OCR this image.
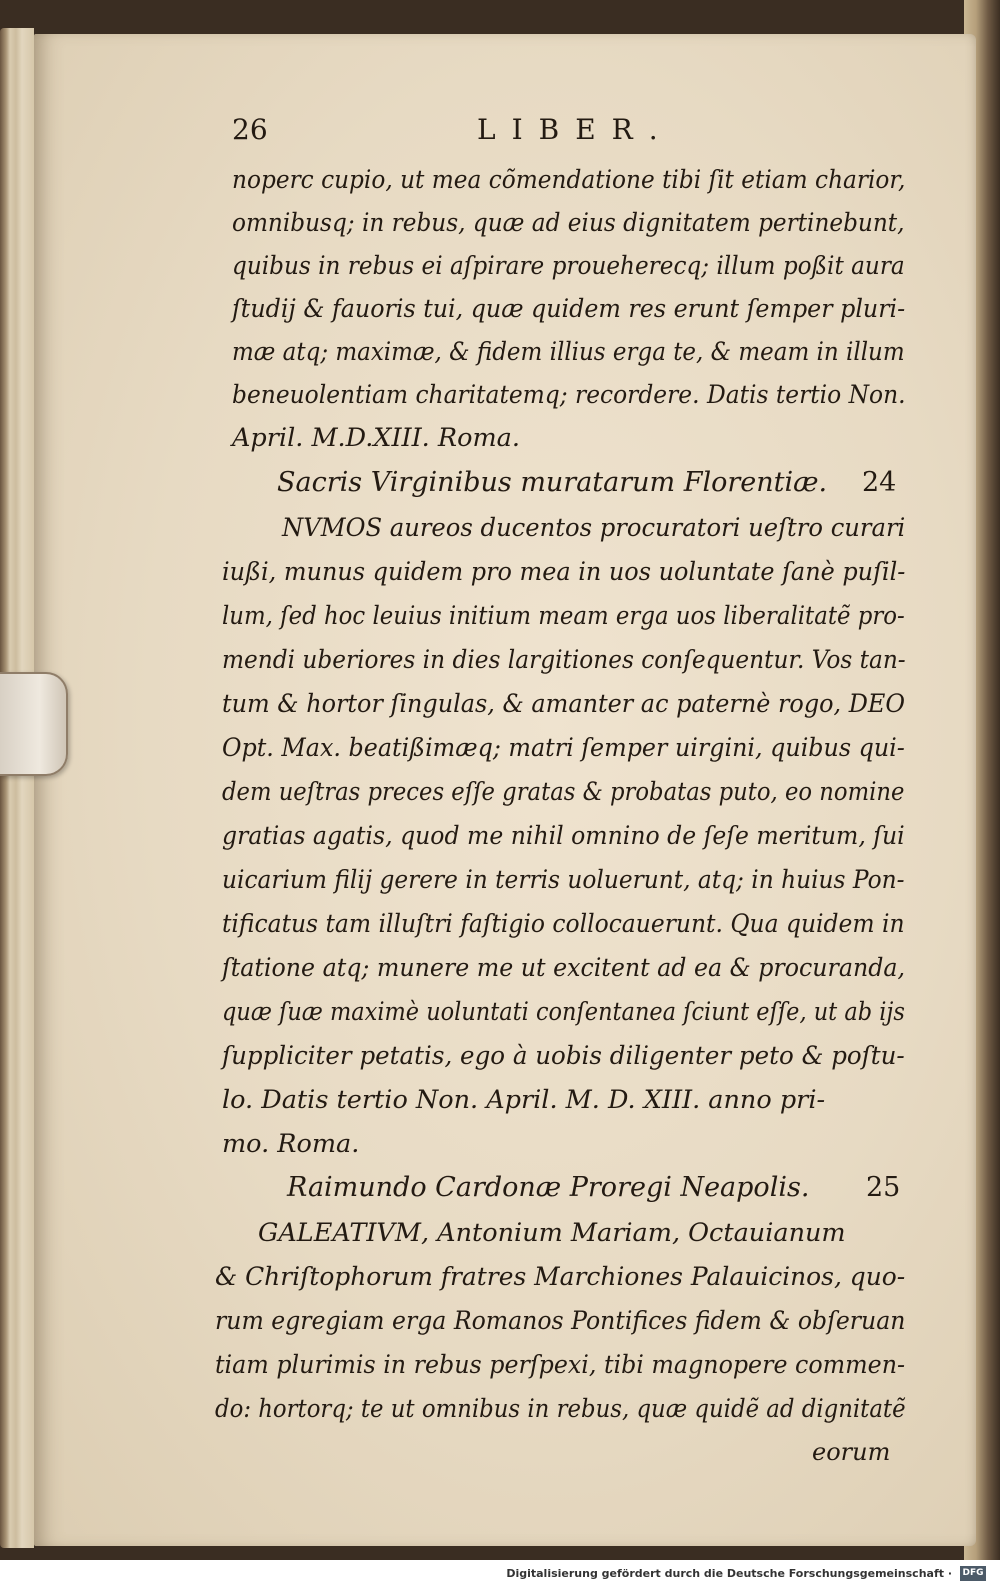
26	LIBER.
noperc cupio, ut mea cõmendatione tibi ſit etiam charior,
omnibusq; in rebus, quæ ad eius dignitatem pertinebunt,
quibus in rebus ei aſpirare proueherecq; illum poßit aura
ſtudij & fauoris tui, quæ quidem res erunt ſemper pluri-
mæ atq; maximæ, & fidem illius erga te, & meam in illum
beneuolentiam charitatemq; recordere. Datis tertio Non.
April. M.D.XIII. Roma.
Sacris Virginibus muratarum Florentiæ. 24
NVMOS aureos ducentos procuratori ueſtro curari
iußi, munus quidem pro mea in uos uoluntate ſanè puſil-
lum, ſed hoc leuius initium meam erga uos liberalitatẽ pro-
mendi uberiores in dies largitiones conſequentur. Vos tan-
tum & hortor ſingulas, & amanter ac paternè rogo, DEO
Opt. Max. beatißimæq; matri ſemper uirgini, quibus qui-
dem ueſtras preces eſſe gratas & probatas puto, eo nomine
gratias agatis, quod me nihil omnino de ſeſe meritum, ſui
uicarium filij gerere in terris uoluerunt, atq; in huius Pon-
tificatus tam illuſtri faſtigio collocauerunt. Qua quidem in
ſtatione atq; munere me ut excitent ad ea & procuranda,
quæ ſuæ maximè uoluntati conſentanea ſciunt eſſe, ut ab ijs
ſuppliciter petatis, ego à uobis diligenter peto & poſtu-
lo. Datis tertio Non. April. M. D. XIII. anno pri-
mo. Roma.
Raimundo Cardonæ Proregi Neapolis. 25
GALEATIVM, Antonium Mariam, Octauianum
& Chriſtophorum fratres Marchiones Palauicinos, quo-
rum egregiam erga Romanos Pontifices fidem & obſeruan
tiam plurimis in rebus perſpexi, tibi magnopere commen-
do: hortorq; te ut omnibus in rebus, quæ quidẽ ad dignitatẽ
eorum
Digitalisierung gefördert durch die Deutsche Forschungsgemeinschaft · DFG
